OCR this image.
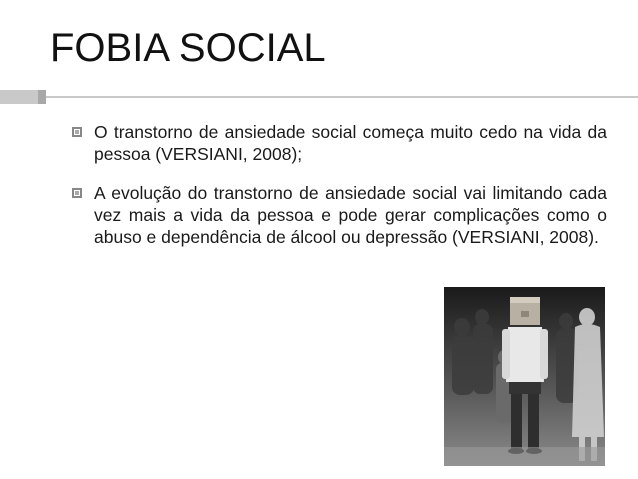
FOBIA SOCIAL
O transtorno de ansiedade social começa muito cedo na vida da pessoa (VERSIANI, 2008);
A evolução do transtorno de ansiedade social vai limitando cada vez mais a vida da pessoa e pode gerar complicações como o abuso e dependência de álcool ou depressão (VERSIANI, 2008).
